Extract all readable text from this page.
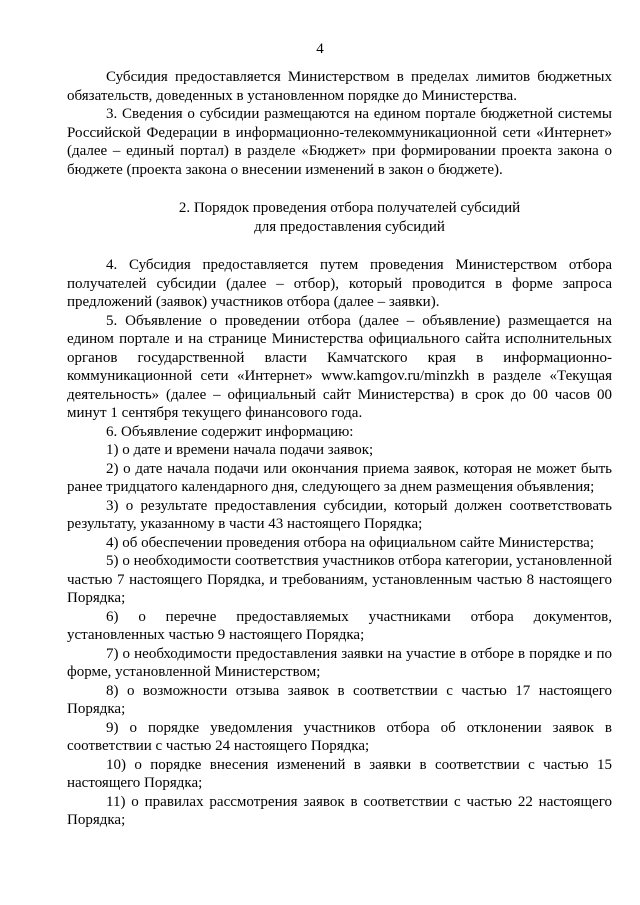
4

Субсидия предоставляется Министерством в пределах лимитов бюджетных обязательств, доведенных в установленном порядке до Министерства.

3. Сведения о субсидии размещаются на едином портале бюджетной системы Российской Федерации в информационно-телекоммуникационной сети «Интернет» (далее – единый портал) в разделе «Бюджет» при формировании проекта закона о бюджете (проекта закона о внесении изменений в закон о бюджете).

2. Порядок проведения отбора получателей субсидий

для предоставления субсидий

4. Субсидия предоставляется путем проведения Министерством отбора получателей субсидии (далее – отбор), который проводится в форме запроса предложений (заявок) участников отбора (далее – заявки).

5. Объявление о проведении отбора (далее – объявление) размещается на едином портале и на странице Министерства официального сайта исполнительных органов государственной власти Камчатского края в информационно-коммуникационной сети «Интернет» www.kamgov.ru/minzkh в разделе «Текущая деятельность» (далее – официальный сайт Министерства) в срок до 00 часов 00 минут 1 сентября текущего финансового года.

6. Объявление содержит информацию:

1) о дате и времени начала подачи заявок;

2) о дате начала подачи или окончания приема заявок, которая не может быть ранее тридцатого календарного дня, следующего за днем размещения объявления;

3) о результате предоставления субсидии, который должен соответствовать результату, указанному в части 43 настоящего Порядка;

4) об обеспечении проведения отбора на официальном сайте Министерства;

5) о необходимости соответствия участников отбора категории, установленной частью 7 настоящего Порядка, и требованиям, установленным частью 8 настоящего Порядка;

6) о перечне предоставляемых участниками отбора документов, установленных частью 9 настоящего Порядка;

7) о необходимости предоставления заявки на участие в отборе в порядке и по форме, установленной Министерством;

8) о возможности отзыва заявок в соответствии с частью 17 настоящего Порядка;

9) о порядке уведомления участников отбора об отклонении заявок в соответствии с частью 24 настоящего Порядка;

10) о порядке внесения изменений в заявки в соответствии с частью 15 настоящего Порядка;

11) о правилах рассмотрения заявок в соответствии с частью 22 настоящего Порядка;
